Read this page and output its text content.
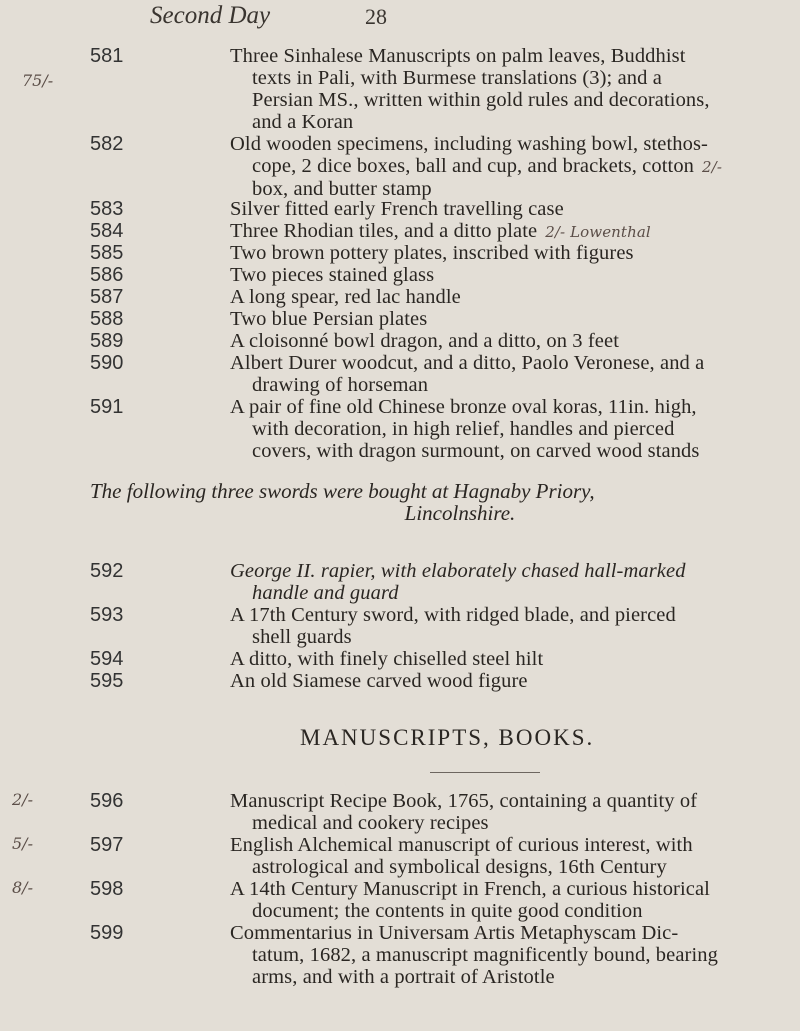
Second Day	28
75/-
581	Three Sinhalese Manuscripts on palm leaves, Buddhist
texts in Pali, with Burmese translations (3); and a
Persian MS., written within gold rules and decorations,
and a Koran
582	Old wooden specimens, including washing bowl, stethos-
cope, 2 dice boxes, ball and cup, and brackets, cotton 2/-
box, and butter stamp
583	Silver fitted early French travelling case
584	Three Rhodian tiles, and a ditto plate 2/- Lowenthal
585	Two brown pottery plates, inscribed with figures
586	Two pieces stained glass
587	A long spear, red lac handle
588	Two blue Persian plates
589	A cloisonné bowl dragon, and a ditto, on 3 feet
590	Albert Durer woodcut, and a ditto, Paolo Veronese, and a
drawing of horseman
591	A pair of fine old Chinese bronze oval koras, 11in. high,
with decoration, in high relief, handles and pierced
covers, with dragon surmount, on carved wood stands
The following three swords were bought at Hagnaby Priory,
Lincolnshire.
592	George II. rapier, with elaborately chased hall-marked
handle and guard
593	A 17th Century sword, with ridged blade, and pierced
shell guards
594	A ditto, with finely chiselled steel hilt
595	An old Siamese carved wood figure
MANUSCRIPTS, BOOKS.
2/-	596	Manuscript Recipe Book, 1765, containing a quantity of
medical and cookery recipes
5/-	597	English Alchemical manuscript of curious interest, with
astrological and symbolical designs, 16th Century
8/-	598	A 14th Century Manuscript in French, a curious historical
document; the contents in quite good condition
599	Commentarius in Universam Artis Metaphyscam Dic-
tatum, 1682, a manuscript magnificently bound, bearing
arms, and with a portrait of Aristotle
